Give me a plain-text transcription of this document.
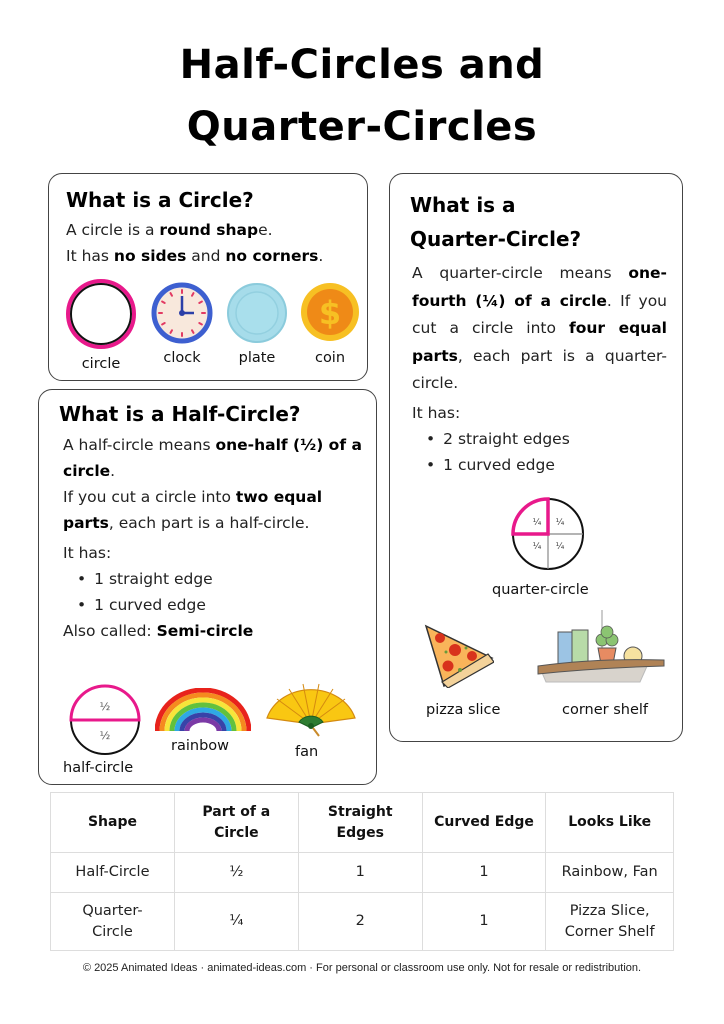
Half-Circles and
Quarter-Circles
What is a Circle?
A circle is a round shape.
It has no sides and no corners.
circle	clock	plate
$
coin
What is a Half-Circle?
A half-circle means one-half (½) of a circle.
If you cut a circle into two equal parts, each part is a half-circle.
It has:
• 1 straight edge
• 1 curved edge
Also called: Semi-circle
½
½
half-circle
rainbow	fan
What is a
Quarter-Circle?
A quarter-circle means one-fourth (¼) of a circle. If you cut a circle into four equal parts, each part is a quarter-circle.
It has:
• 2 straight edges
• 1 curved edge
¼ ¼
¼ ¼
quarter-circle
pizza slice	corner shelf
Shape	Part of a Circle	Straight Edges	Curved Edge	Looks Like
Half-Circle	½	1	1	Rainbow, Fan
Quarter-Circle	¼	2	1	Pizza Slice, Corner Shelf
© 2025 Animated Ideas · animated-ideas.com · For personal or classroom use only. Not for resale or redistribution.
